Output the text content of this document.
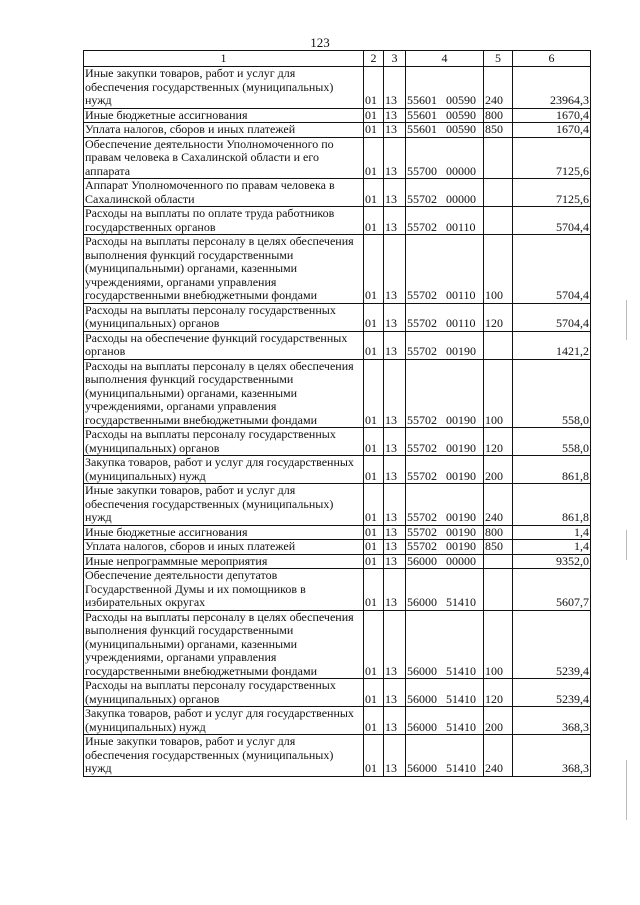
123
1	2	3	4	5	6
Иные закупки товаров, работ и услуг для обеспечения государственных (муниципальных) нужд	01	13	55601 00590	240	23964,3
Иные бюджетные ассигнования	01	13	55601 00590	800	1670,4
Уплата налогов, сборов и иных платежей	01	13	55601 00590	850	1670,4
Обеспечение деятельности Уполномоченного по правам человека в Сахалинской области и его аппарата	01	13	55700 00000		7125,6
Аппарат Уполномоченного по правам человека в Сахалинской области	01	13	55702 00000		7125,6
Расходы на выплаты по оплате труда работников государственных органов	01	13	55702 00110		5704,4
Расходы на выплаты персоналу в целях обеспечения выполнения функций государственными (муниципальными) органами, казенными учреждениями, органами управления государственными внебюджетными фондами	01	13	55702 00110	100	5704,4
Расходы на выплаты персоналу государственных (муниципальных) органов	01	13	55702 00110	120	5704,4
Расходы на обеспечение функций государственных органов	01	13	55702 00190		1421,2
Расходы на выплаты персоналу в целях обеспечения выполнения функций государственными (муниципальными) органами, казенными учреждениями, органами управления государственными внебюджетными фондами	01	13	55702 00190	100	558,0
Расходы на выплаты персоналу государственных (муниципальных) органов	01	13	55702 00190	120	558,0
Закупка товаров, работ и услуг для государственных (муниципальных) нужд	01	13	55702 00190	200	861,8
Иные закупки товаров, работ и услуг для обеспечения государственных (муниципальных) нужд	01	13	55702 00190	240	861,8
Иные бюджетные ассигнования	01	13	55702 00190	800	1,4
Уплата налогов, сборов и иных платежей	01	13	55702 00190	850	1,4
Иные непрограммные мероприятия	01	13	56000 00000		9352,0
Обеспечение деятельности депутатов Государственной Думы и их помощников в избирательных округах	01	13	56000 51410		5607,7
Расходы на выплаты персоналу в целях обеспечения выполнения функций государственными (муниципальными) органами, казенными учреждениями, органами управления государственными внебюджетными фондами	01	13	56000 51410	100	5239,4
Расходы на выплаты персоналу государственных (муниципальных) органов	01	13	56000 51410	120	5239,4
Закупка товаров, работ и услуг для государственных (муниципальных) нужд	01	13	56000 51410	200	368,3
Иные закупки товаров, работ и услуг для обеспечения государственных (муниципальных) нужд	01	13	56000 51410	240	368,3
